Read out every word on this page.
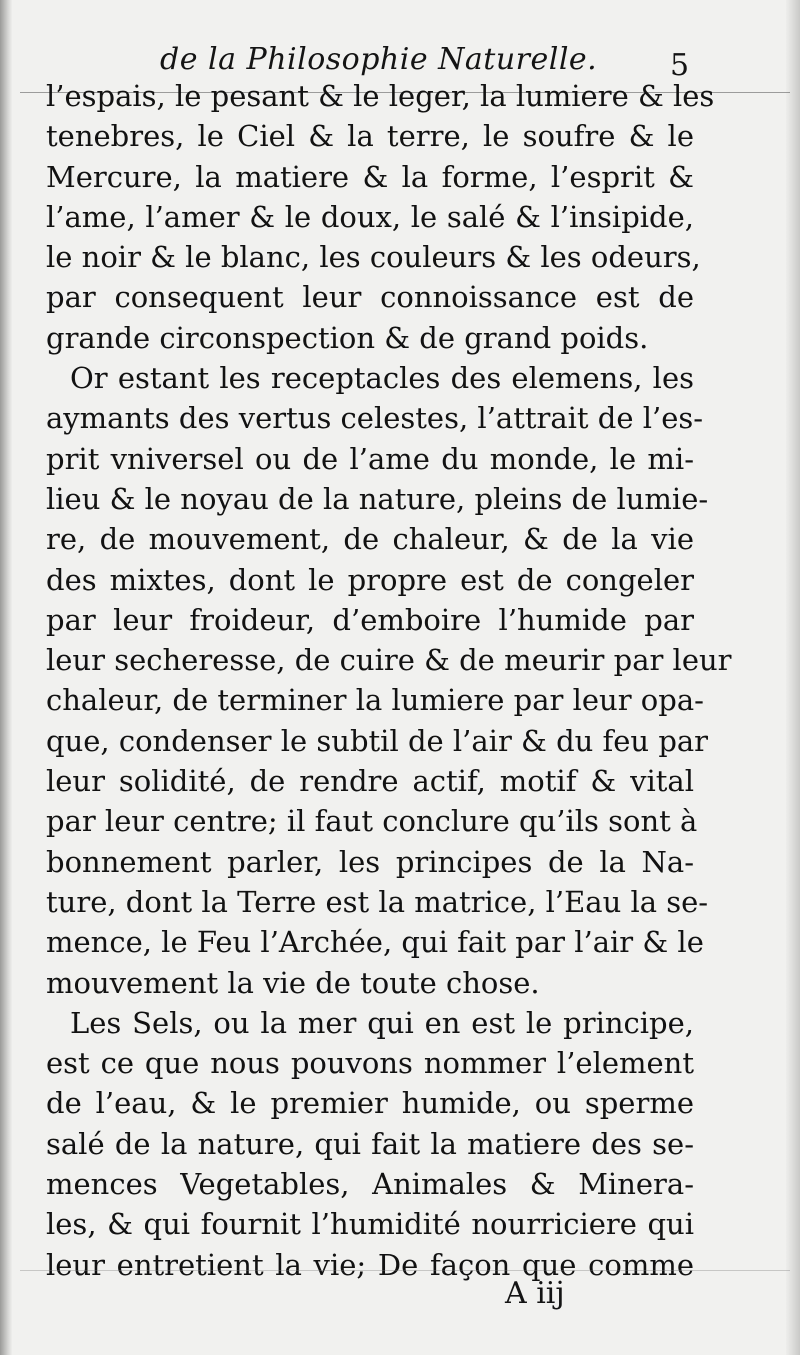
de la Philosophie Naturelle. 5
l’espais, le pesant & le leger, la lumiere & les
tenebres, le Ciel & la terre, le soufre & le
Mercure, la matiere & la forme, l’esprit &
l’ame, l’amer & le doux, le salé & l’insipide,
le noir & le blanc, les couleurs & les odeurs,
par consequent leur connoissance est de
grande circonspection & de grand poids.
Or estant les receptacles des elemens, les
aymants des vertus celestes, l’attrait de l’es-
prit vniversel ou de l’ame du monde, le mi-
lieu & le noyau de la nature, pleins de lumie-
re, de mouvement, de chaleur, & de la vie
des mixtes, dont le propre est de congeler
par leur froideur, d’emboire l’humide par
leur secheresse, de cuire & de meurir par leur
chaleur, de terminer la lumiere par leur opa-
que, condenser le subtil de l’air & du feu par
leur solidité, de rendre actif, motif & vital
par leur centre; il faut conclure qu’ils sont à
bonnement parler, les principes de la Na-
ture, dont la Terre est la matrice, l’Eau la se-
mence, le Feu l’Archée, qui fait par l’air & le
mouvement la vie de toute chose.
Les Sels, ou la mer qui en est le principe,
est ce que nous pouvons nommer l’element
de l’eau, & le premier humide, ou sperme
salé de la nature, qui fait la matiere des se-
mences Vegetables, Animales & Minera-
les, & qui fournit l’humidité nourriciere qui
leur entretient la vie; De façon que comme
A iij
